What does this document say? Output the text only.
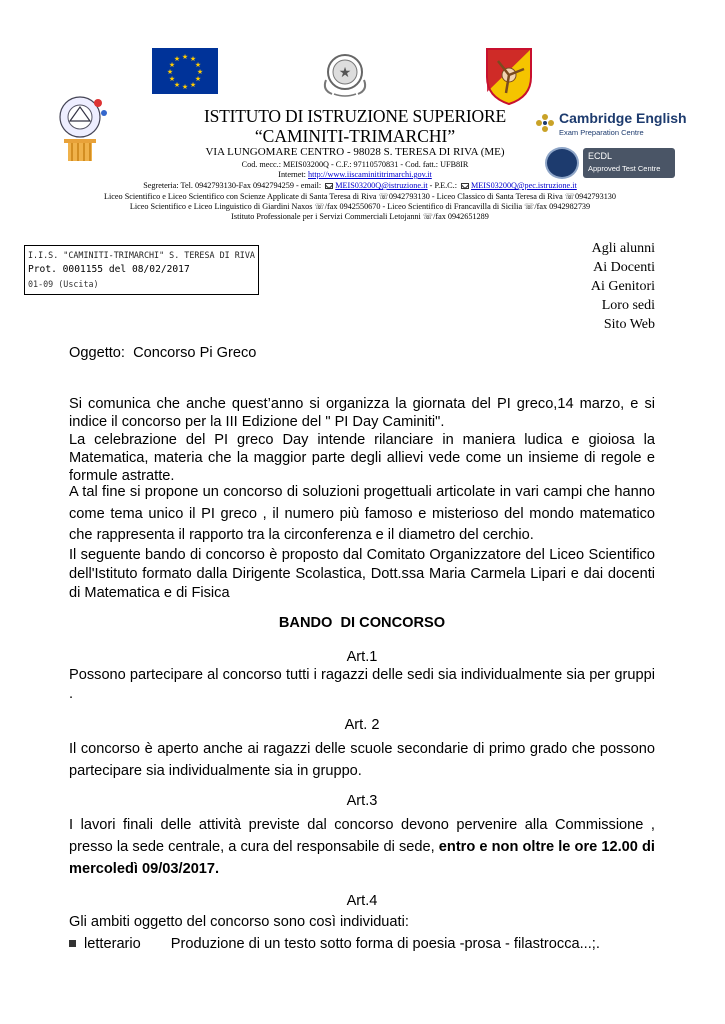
★ ★
★
★
★
★
★
★
★
★
★
★
★
Cambridge English
Exam Preparation Centre
ECDL
Approved Test Centre
ISTITUTO DI ISTRUZIONE SUPERIORE
“CAMINITI-TRIMARCHI”
VIA LUNGOMARE CENTRO - 98028 S. TERESA DI RIVA (ME)
Cod. mecc.: MEIS03200Q - C.F.: 97110570831 - Cod. fatt.: UFB8IR
Internet: http://www.iiscaminititrimarchi.gov.it
Segreteria: Tel. 0942793130-Fax 0942794259 - email: MEIS03200Q@istruzione.it - P.E.C.: MEIS03200Q@pec.istruzione.it
Liceo Scientifico e Liceo Scientifico con Scienze Applicate di Santa Teresa di Riva ☏0942793130 - Liceo Classico di Santa Teresa di Riva ☏0942793130
Liceo Scientifico e Liceo Linguistico di Giardini Naxos ☏/fax 0942550670 - Liceo Scientifico di Francavilla di Sicilia ☏/fax 0942982739
Istituto Professionale per i Servizi Commerciali Letojanni ☏/fax 0942651289
I.I.S. "CAMINITI-TRIMARCHI" S. TERESA DI RIVA
Prot. 0001155 del 08/02/2017
01-09 (Uscita)
Agli alunni
Ai Docenti
Ai Genitori
Loro sedi
Sito Web
Oggetto:  Concorso Pi Greco
Si comunica che anche quest’anno si organizza la giornata del PI greco,14 marzo, e si indice il concorso per la III Edizione del " PI Day Caminiti".
La celebrazione del PI greco Day intende rilanciare in maniera ludica e gioiosa la Matematica, materia che la maggior parte degli allievi vede come un insieme di regole e formule astratte.
A tal fine si propone un concorso di soluzioni progettuali articolate in vari campi che hanno come tema unico il PI greco , il numero più famoso e misterioso del mondo matematico che rappresenta il rapporto tra la circonferenza e il diametro del cerchio.
Il seguente bando di concorso è proposto dal Comitato Organizzatore del Liceo Scientifico dell'Istituto formato dalla Dirigente Scolastica, Dott.ssa Maria Carmela Lipari e dai docenti di Matematica e di Fisica
BANDO  DI CONCORSO
Art.1
Possono partecipare al concorso tutti i ragazzi delle sedi sia individualmente sia per gruppi .
Art. 2
Il concorso è aperto anche ai ragazzi delle scuole secondarie di primo grado che possono partecipare sia individualmente sia in gruppo.
Art.3
I lavori finali delle attività previste dal concorso devono pervenire alla Commissione , presso la sede centrale, a cura del responsabile di sede, entro e non oltre le ore 12.00 di mercoledì 09/03/2017.
Art.4
Gli ambiti oggetto del concorso sono così individuati:
letterario Produzione di un testo sotto forma di poesia -prosa - filastrocca...;.
